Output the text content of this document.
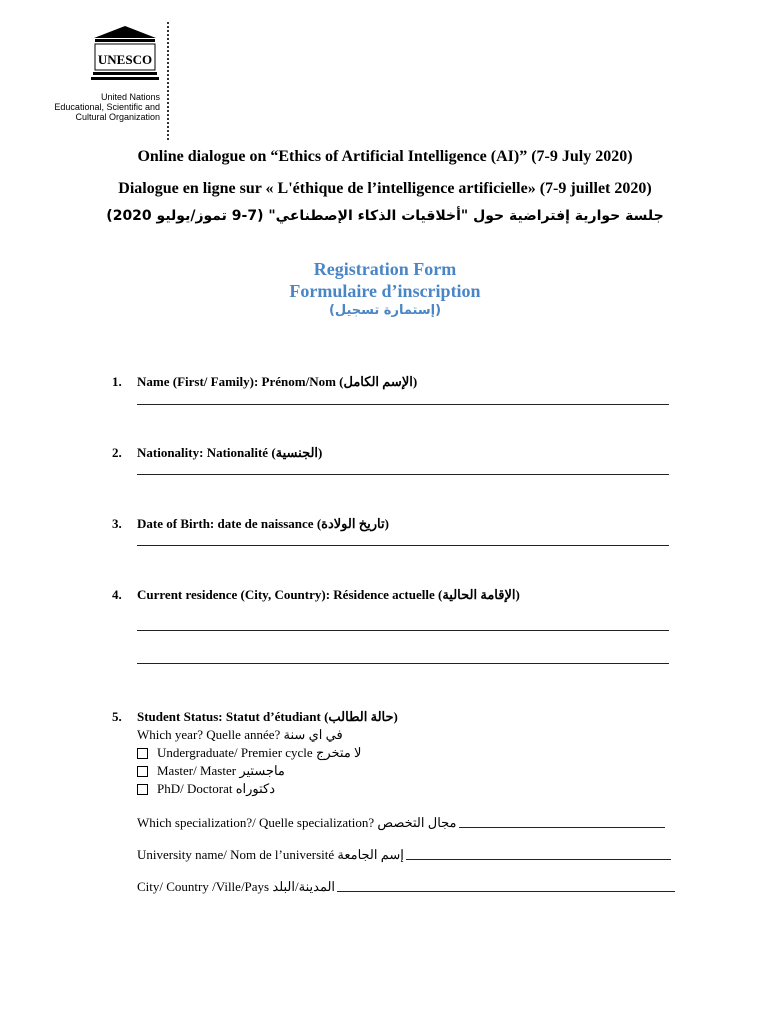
UNESCO
United Nations
Educational, Scientific and
Cultural Organization
Online dialogue on “Ethics of Artificial Intelligence (AI)” (7-9 July 2020)
Dialogue en ligne sur « L'éthique de l’intelligence artificielle» (7-9 juillet 2020)
جلسة حوارية إفتراضية حول "أخلاقيات الذكاء الإصطناعي" (7-9 تموز/يوليو 2020)
Registration Form
Formulaire d’inscription
(إستمارة تسجيل)
1. Name (First/ Family): Prénom/Nom (الإسم الكامل)
2. Nationality: Nationalité (الجنسية)
3. Date of Birth: date de naissance (تاريخ الولادة)
4. Current residence (City, Country): Résidence actuelle (الإقامة الحالية)
5. Student Status: Statut d’étudiant (حالة الطالب)
Which year? Quelle année? في اي سنة
Undergraduate/ Premier cycle لا متخرج
Master/ Master ماجستير
PhD/ Doctorat دكتوراه
Which specialization?/ Quelle specialization? مجال التخصص
University name/ Nom de l’université إسم الجامعة
City/ Country /Ville/Pays المدينة/البلد
